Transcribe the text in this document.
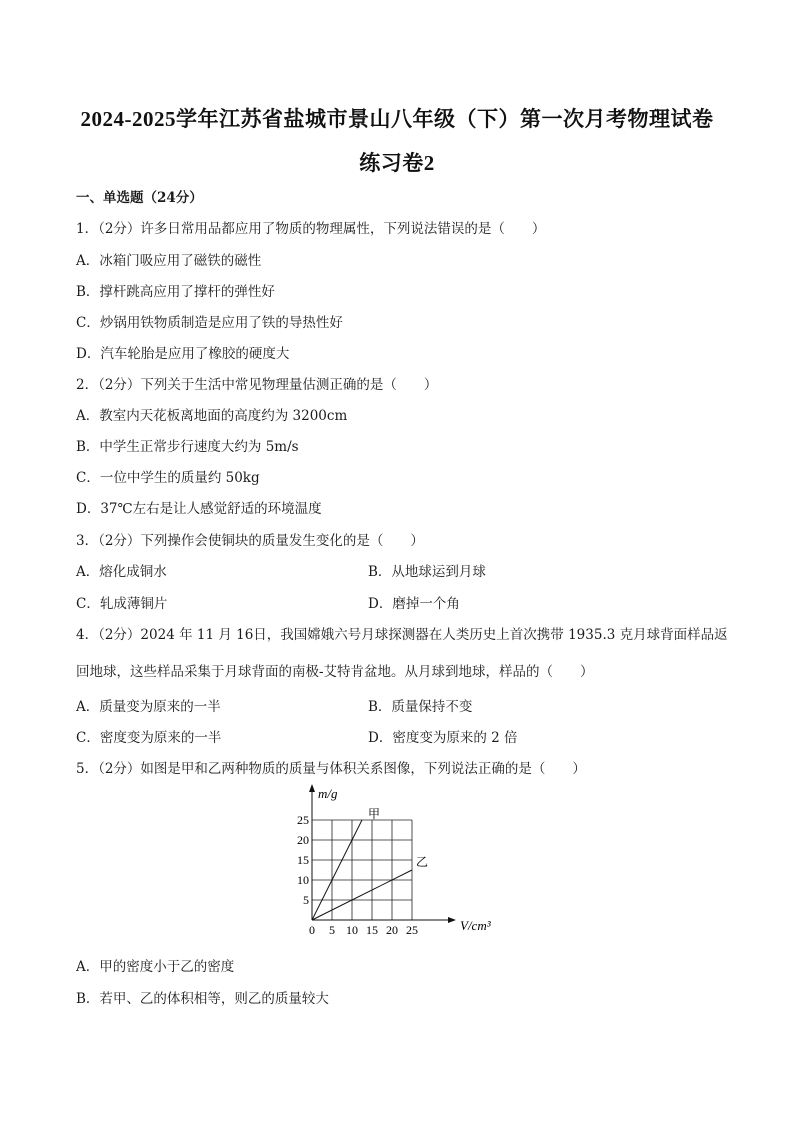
2024-2025学年江苏省盐城市景山八年级（下）第一次月考物理试卷
练习卷2
一、单选题（24分）
1．（2分）许多日常用品都应用了物质的物理属性，下列说法错误的是（　　）
A．冰箱门吸应用了磁铁的磁性
B．撑杆跳高应用了撑杆的弹性好
C．炒锅用铁物质制造是应用了铁的导热性好
D．汽车轮胎是应用了橡胶的硬度大
2．（2分）下列关于生活中常见物理量估测正确的是（　　）
A．教室内天花板离地面的高度约为 3200cm
B．中学生正常步行速度大约为 5m/s
C．一位中学生的质量约 50kg
D．37℃左右是让人感觉舒适的环境温度
3．（2分）下列操作会使铜块的质量发生变化的是（　　）
A．熔化成铜水	B．从地球运到月球
C．轧成薄铜片	D．磨掉一个角
4．（2分）2024 年 11 月 16日，我国嫦娥六号月球探测器在人类历史上首次携带 1935.3 克月球背面样品返
回地球，这些样品采集于月球背面的南极-艾特肯盆地。从月球到地球，样品的（　　）
A．质量变为原来的一半	B．质量保持不变
C．密度变为原来的一半	D．密度变为原来的 2 倍
5．（2分）如图是甲和乙两种物质的质量与体积关系图像，下列说法正确的是（　　）
0 5 10 15 20 25
5
10
15
20
25	甲
乙
m/g
V/cm³
A．甲的密度小于乙的密度
B．若甲、乙的体积相等，则乙的质量较大
